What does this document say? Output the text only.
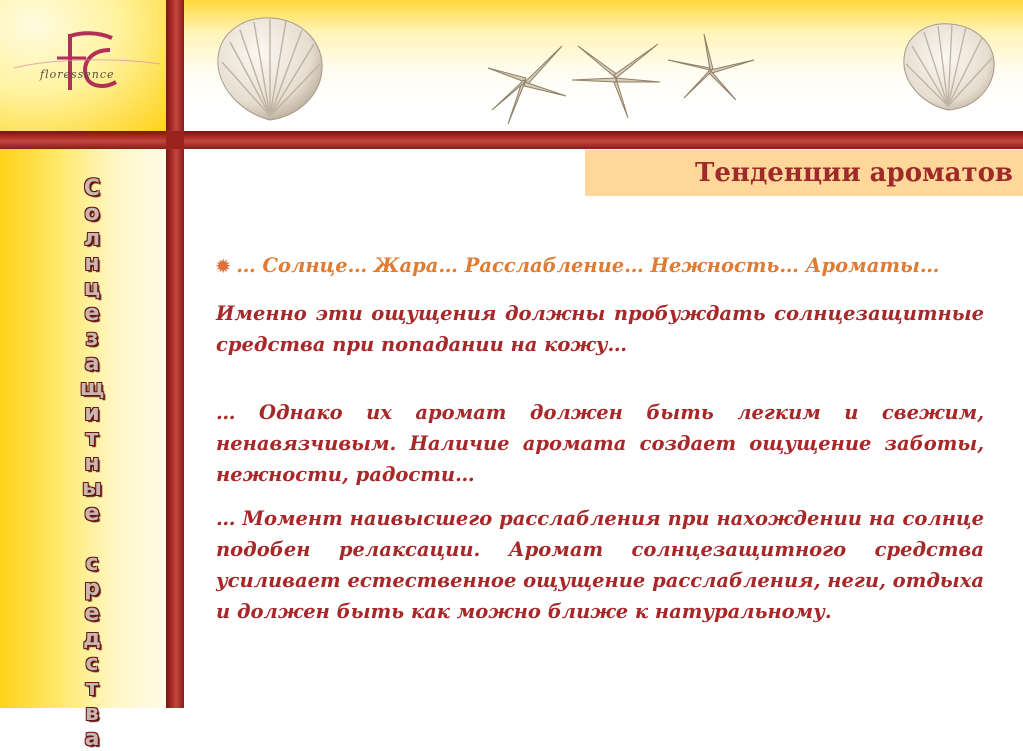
floressence
Тенденции ароматов
С
о
л
н
ц
е
з
а
щ
и
т
н
ы
е

с
р
е
д
с
т
в
а

✹ … Солнце… Жара… Расслабление… Нежность… Ароматы…

Именно эти ощущения должны пробуждать солнцезащитные средства при попадании на кожу…

… Однако их аромат должен быть легким и свежим, ненавязчивым. Наличие аромата создает ощущение заботы, нежности, радости…

… Момент наивысшего расслабления при нахождении на солнце подобен релаксации. Аромат солнцезащитного средства усиливает естественное ощущение расслабления, неги, отдыха и должен быть как можно ближе к натуральному.
